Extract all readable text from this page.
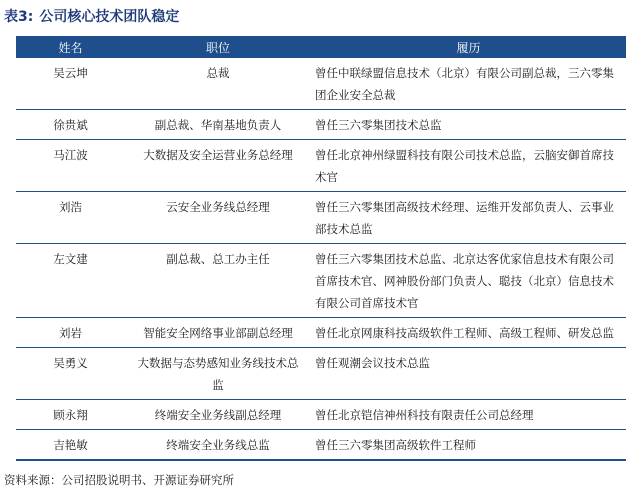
表3: 公司核心技术团队稳定
姓名	职位	履历
吴云坤	总裁	曾任中联绿盟信息技术（北京）有限公司副总裁，三六零集团企业安全总裁
徐贵斌	副总裁、华南基地负责人	曾任三六零集团技术总监
马江波	大数据及安全运营业务总经理	曾任北京神州绿盟科技有限公司技术总监，云脑安御首席技术官
刘浩	云安全业务线总经理	曾任三六零集团高级技术经理、运维开发部负责人、云事业部技术总监
左文建	副总裁、总工办主任	曾任三六零集团技术总监、北京达客优家信息技术有限公司首席技术官、网神股份部门负责人、聪技（北京）信息技术有限公司首席技术官
刘岩	智能安全网络事业部副总经理	曾任北京网康科技高级软件工程师、高级工程师、研发总监
吴勇义	大数据与态势感知业务线技术总监	曾任观潮会议技术总监
顾永翔	终端安全业务线副总经理	曾任北京铠信神州科技有限责任公司总经理
吉艳敏	终端安全业务线总监	曾任三六零集团高级软件工程师
资料来源：公司招股说明书、开源证券研究所
